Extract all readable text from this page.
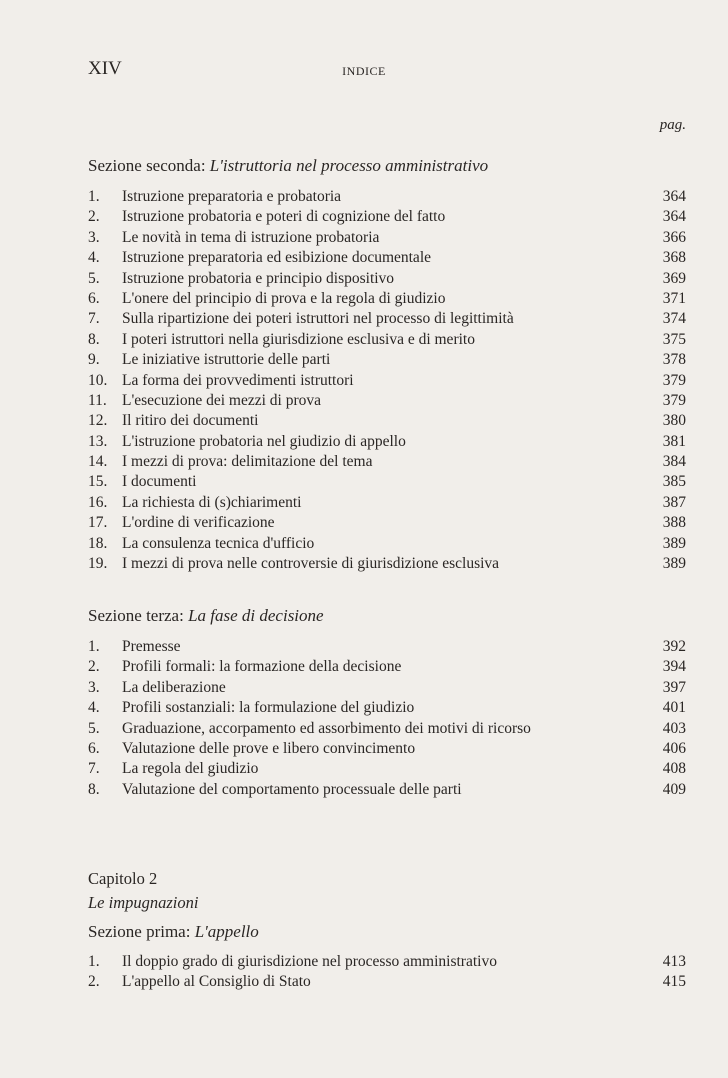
XIV	INDICE
pag.
Sezione seconda: L'istruttoria nel processo amministrativo
1.	Istruzione preparatoria e probatoria	364
2.	Istruzione probatoria e poteri di cognizione del fatto	364
3.	Le novità in tema di istruzione probatoria	366
4.	Istruzione preparatoria ed esibizione documentale	368
5.	Istruzione probatoria e principio dispositivo	369
6.	L'onere del principio di prova e la regola di giudizio	371
7.	Sulla ripartizione dei poteri istruttori nel processo di legittimità	374
8.	I poteri istruttori nella giurisdizione esclusiva e di merito	375
9.	Le iniziative istruttorie delle parti	378
10. La forma dei provvedimenti istruttori	379
11. L'esecuzione dei mezzi di prova	379
12. Il ritiro dei documenti	380
13. L'istruzione probatoria nel giudizio di appello	381
14. I mezzi di prova: delimitazione del tema	384
15. I documenti	385
16. La richiesta di (s)chiarimenti	387
17. L'ordine di verificazione	388
18. La consulenza tecnica d'ufficio	389
19. I mezzi di prova nelle controversie di giurisdizione esclusiva	389
Sezione terza: La fase di decisione
1.	Premesse	392
2.	Profili formali: la formazione della decisione	394
3.	La deliberazione	397
4.	Profili sostanziali: la formulazione del giudizio	401
5.	Graduazione, accorpamento ed assorbimento dei motivi di ricorso	403
6.	Valutazione delle prove e libero convincimento	406
7.	La regola del giudizio	408
8.	Valutazione del comportamento processuale delle parti	409
Capitolo 2
Le impugnazioni
Sezione prima: L'appello
1.	Il doppio grado di giurisdizione nel processo amministrativo	413
2.	L'appello al Consiglio di Stato	415
